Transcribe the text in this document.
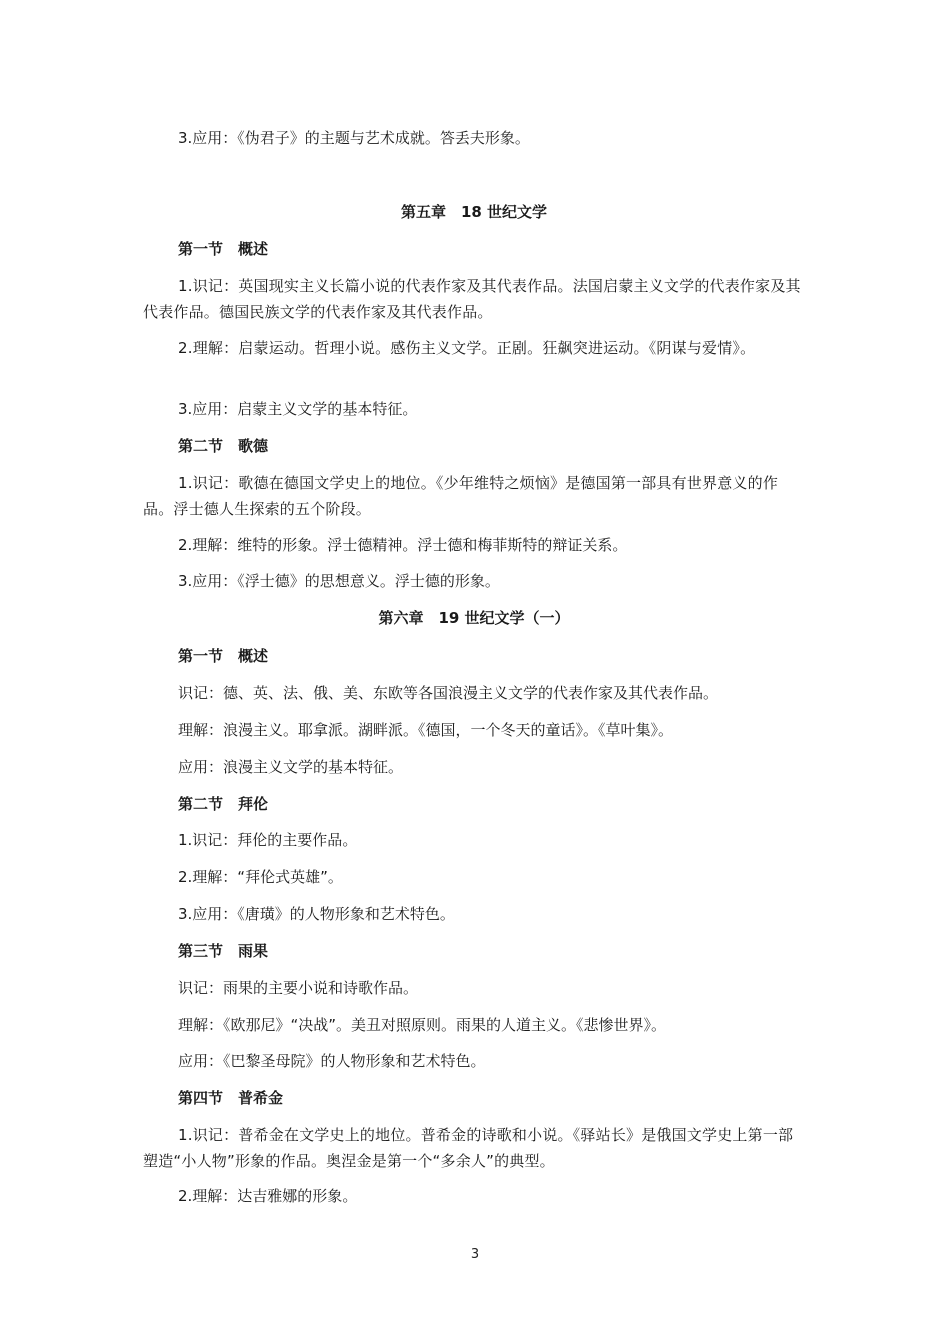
3.应用：《伪君子》的主题与艺术成就。答丢夫形象。
第五章　18 世纪文学
第一节　概述
1.识记：英国现实主义长篇小说的代表作家及其代表作品。法国启蒙主义文学的代表作家及其代表作品。德国民族文学的代表作家及其代表作品。
2.理解：启蒙运动。哲理小说。感伤主义文学。正剧。狂飙突进运动。《阴谋与爱情》。
3.应用：启蒙主义文学的基本特征。
第二节　歌德
1.识记：歌德在德国文学史上的地位。《少年维特之烦恼》是德国第一部具有世界意义的作品。浮士德人生探索的五个阶段。
2.理解：维特的形象。浮士德精神。浮士德和梅菲斯特的辩证关系。
3.应用：《浮士德》的思想意义。浮士德的形象。
第六章　19 世纪文学（一）
第一节　概述
识记：德、英、法、俄、美、东欧等各国浪漫主义文学的代表作家及其代表作品。
理解：浪漫主义。耶拿派。湖畔派。《德国，一个冬天的童话》。《草叶集》。
应用：浪漫主义文学的基本特征。
第二节　拜伦
1.识记：拜伦的主要作品。
2.理解：“拜伦式英雄”。
3.应用：《唐璜》的人物形象和艺术特色。
第三节　雨果
识记：雨果的主要小说和诗歌作品。
理解：《欧那尼》“决战”。美丑对照原则。雨果的人道主义。《悲惨世界》。
应用：《巴黎圣母院》的人物形象和艺术特色。
第四节　普希金
1.识记：普希金在文学史上的地位。普希金的诗歌和小说。《驿站长》是俄国文学史上第一部塑造“小人物”形象的作品。奥涅金是第一个“多余人”的典型。
2.理解：达吉雅娜的形象。
3
